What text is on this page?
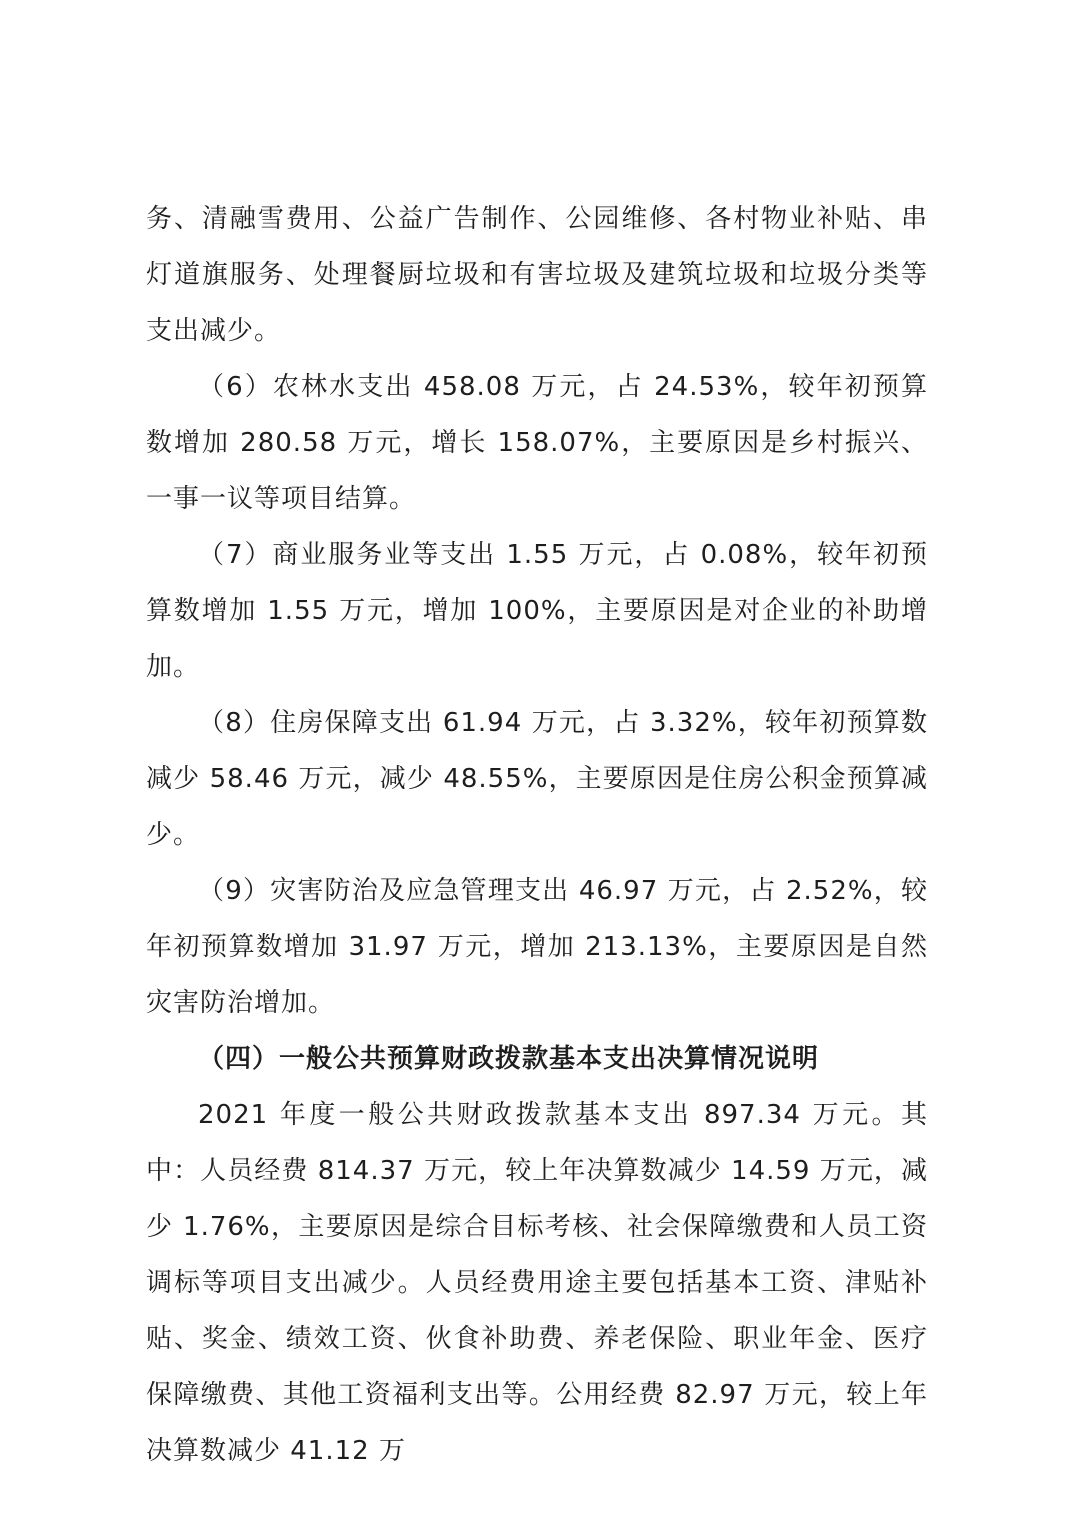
务、清融雪费用、公益广告制作、公园维修、各村物业补贴、串灯道旗服务、处理餐厨垃圾和有害垃圾及建筑垃圾和垃圾分类等支出减少。

（6）农林水支出 458.08 万元，占 24.53%，较年初预算数增加 280.58 万元，增长 158.07%，主要原因是乡村振兴、一事一议等项目结算。

（7）商业服务业等支出 1.55 万元，占 0.08%，较年初预算数增加 1.55 万元，增加 100%，主要原因是对企业的补助增加。

（8）住房保障支出 61.94 万元，占 3.32%，较年初预算数减少 58.46 万元，减少 48.55%，主要原因是住房公积金预算减少。

（9）灾害防治及应急管理支出 46.97 万元，占 2.52%，较年初预算数增加 31.97 万元，增加 213.13%，主要原因是自然灾害防治增加。

（四）一般公共预算财政拨款基本支出决算情况说明

2021 年度一般公共财政拨款基本支出 897.34 万元。其中：人员经费 814.37 万元，较上年决算数减少 14.59 万元，减少 1.76%，主要原因是综合目标考核、社会保障缴费和人员工资调标等项目支出减少。人员经费用途主要包括基本工资、津贴补贴、奖金、绩效工资、伙食补助费、养老保险、职业年金、医疗保障缴费、其他工资福利支出等。公用经费 82.97 万元，较上年决算数减少 41.12 万
